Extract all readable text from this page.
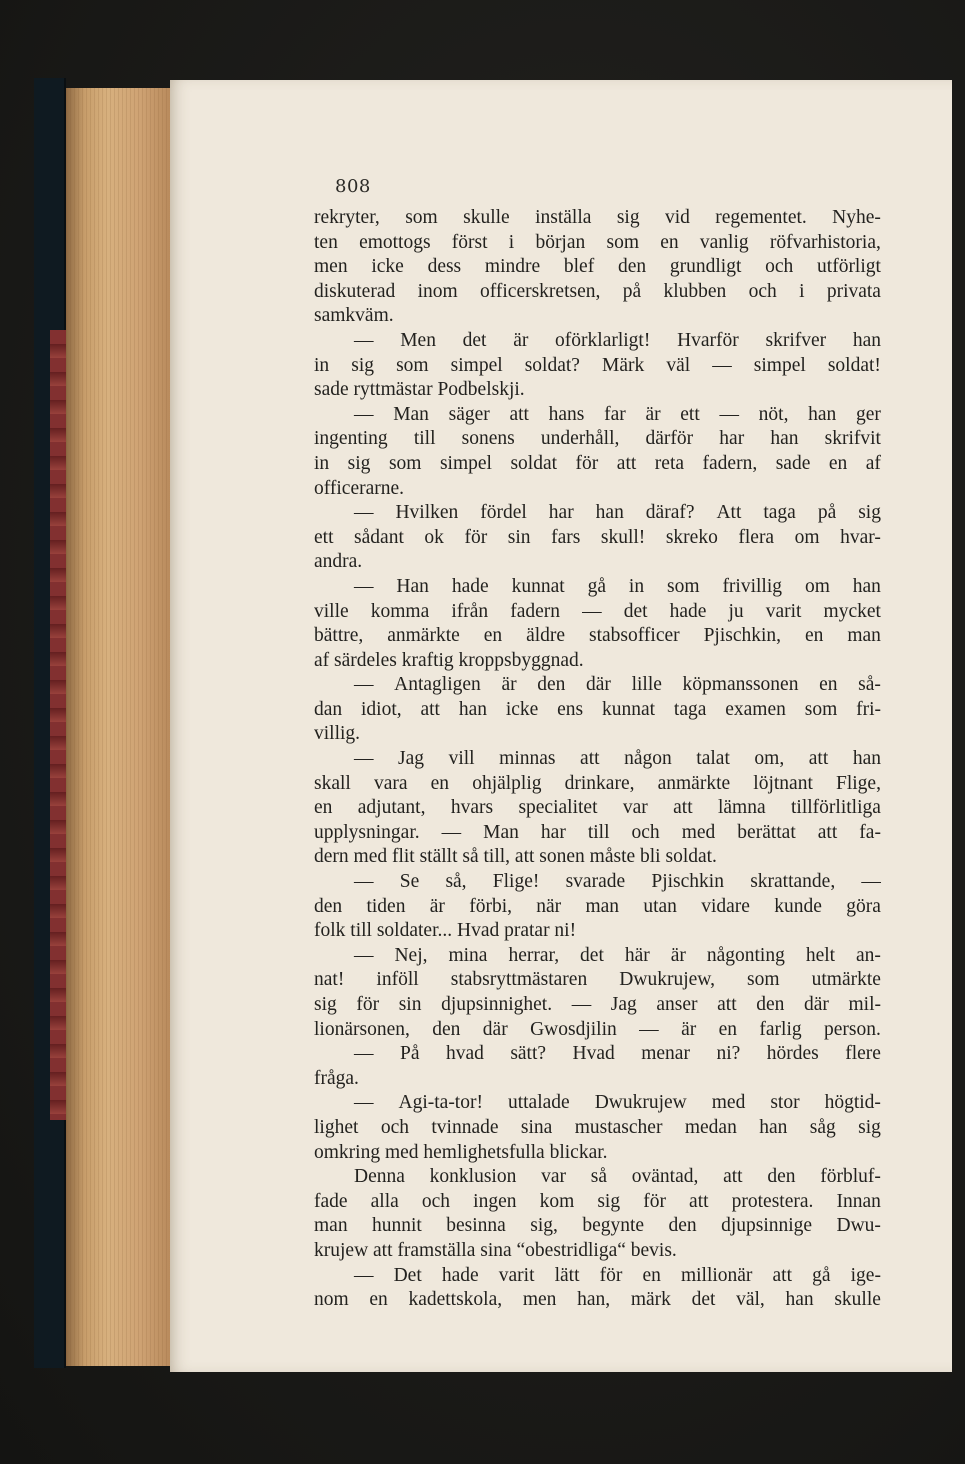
808
rekryter, som skulle inställa sig vid regementet. Nyhe-
ten emottogs först i början som en vanlig röfvarhistoria,
men icke dess mindre blef den grundligt och utförligt
diskuterad inom officerskretsen, på klubben och i privata
samkväm.
— Men det är oförklarligt! Hvarför skrifver han
in sig som simpel soldat? Märk väl — simpel soldat!
sade ryttmästar Podbelskji.
— Man säger att hans far är ett — nöt, han ger
ingenting till sonens underhåll, därför har han skrifvit
in sig som simpel soldat för att reta fadern, sade en af
officerarne.
— Hvilken fördel har han däraf? Att taga på sig
ett sådant ok för sin fars skull! skreko flera om hvar-
andra.
— Han hade kunnat gå in som frivillig om han
ville komma ifrån fadern — det hade ju varit mycket
bättre, anmärkte en äldre stabsofficer Pjischkin, en man
af särdeles kraftig kroppsbyggnad.
— Antagligen är den där lille köpmanssonen en så-
dan idiot, att han icke ens kunnat taga examen som fri-
villig.
— Jag vill minnas att någon talat om, att han
skall vara en ohjälplig drinkare, anmärkte löjtnant Flige,
en adjutant, hvars specialitet var att lämna tillförlitliga
upplysningar. — Man har till och med berättat att fa-
dern med flit ställt så till, att sonen måste bli soldat.
— Se så, Flige! svarade Pjischkin skrattande, —
den tiden är förbi, när man utan vidare kunde göra
folk till soldater... Hvad pratar ni!
— Nej, mina herrar, det här är någonting helt an-
nat! inföll stabsryttmästaren Dwukrujew, som utmärkte
sig för sin djupsinnighet. — Jag anser att den där mil-
lionärsonen, den där Gwosdjilin — är en farlig person.
— På hvad sätt? Hvad menar ni? hördes flere
fråga.
— Agi-ta-tor! uttalade Dwukrujew med stor högtid-
lighet och tvinnade sina mustascher medan han såg sig
omkring med hemlighetsfulla blickar.
Denna konklusion var så oväntad, att den förbluf-
fade alla och ingen kom sig för att protestera. Innan
man hunnit besinna sig, begynte den djupsinnige Dwu-
krujew att framställa sina “obestridliga“ bevis.
— Det hade varit lätt för en millionär att gå ige-
nom en kadettskola, men han, märk det väl, han skulle
